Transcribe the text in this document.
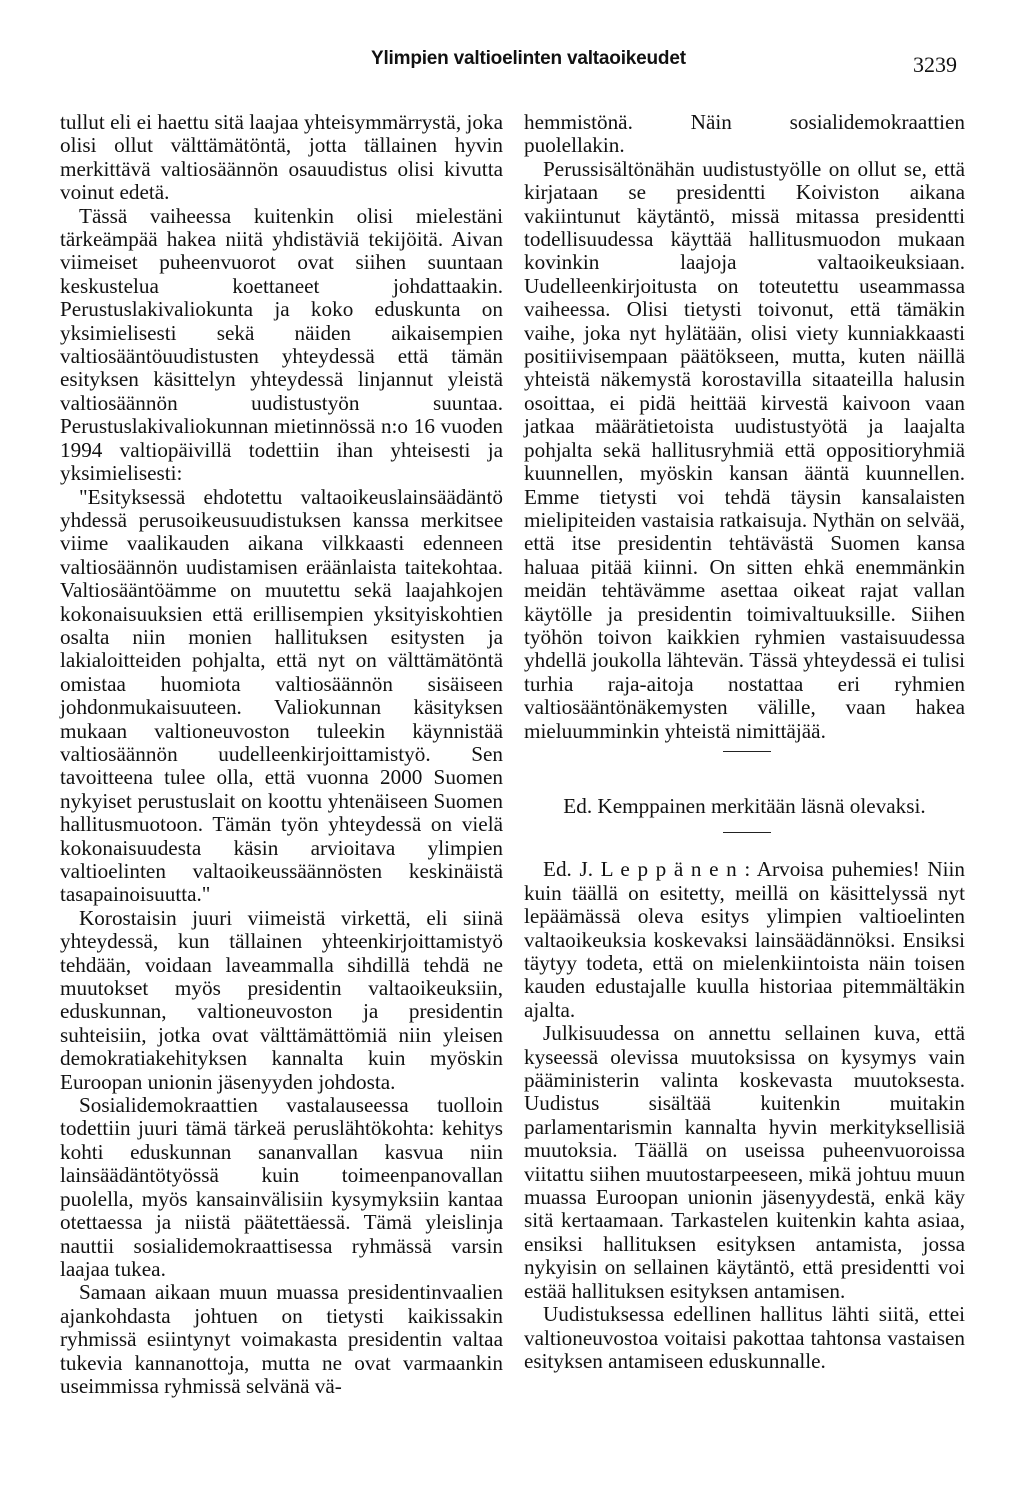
Ylimpien valtioelinten valtaoikeudet	3239

tullut eli ei haettu sitä laajaa yhteisymmärrystä, joka olisi ollut välttämätöntä, jotta tällainen hyvin merkittävä valtiosäännön osauudistus olisi kivutta voinut edetä.

Tässä vaiheessa kuitenkin olisi mielestäni tärkeämpää hakea niitä yhdistäviä tekijöitä. Aivan viimeiset puheenvuorot ovat siihen suuntaan keskustelua koettaneet johdattaakin. Perustuslakivaliokunta ja koko eduskunta on yksimielisesti sekä näiden aikaisempien valtiosääntöuudistusten yhteydessä että tämän esityksen käsittelyn yhteydessä linjannut yleistä valtiosäännön uudistustyön suuntaa. Perustuslakivaliokunnan mietinnössä n:o 16 vuoden 1994 valtiopäivillä todettiin ihan yhteisesti ja yksimielisesti:

"Esityksessä ehdotettu valtaoikeuslainsäädäntö yhdessä perusoikeusuudistuksen kanssa merkitsee viime vaalikauden aikana vilkkaasti edenneen valtiosäännön uudistamisen eräänlaista taitekohtaa. Valtiosääntöämme on muutettu sekä laajahkojen kokonaisuuksien että erillisempien yksityiskohtien osalta niin monien hallituksen esitysten ja lakialoitteiden pohjalta, että nyt on välttämätöntä omistaa huomiota valtiosäännön sisäiseen johdonmukaisuuteen. Valiokunnan käsityksen mukaan valtioneuvoston tuleekin käynnistää valtiosäännön uudelleenkirjoittamistyö. Sen tavoitteena tulee olla, että vuonna 2000 Suomen nykyiset perustuslait on koottu yhtenäiseen Suomen hallitusmuotoon. Tämän työn yhteydessä on vielä kokonaisuudesta käsin arvioitava ylimpien valtioelinten valtaoikeussäännösten keskinäistä tasapainoisuutta."

Korostaisin juuri viimeistä virkettä, eli siinä yhteydessä, kun tällainen yhteenkirjoittamistyö tehdään, voidaan laveammalla sihdillä tehdä ne muutokset myös presidentin valtaoikeuksiin, eduskunnan, valtioneuvoston ja presidentin suhteisiin, jotka ovat välttämättömiä niin yleisen demokratiakehityksen kannalta kuin myöskin Euroopan unionin jäsenyyden johdosta.

Sosialidemokraattien vastalauseessa tuolloin todettiin juuri tämä tärkeä peruslähtökohta: kehitys kohti eduskunnan sananvallan kasvua niin lainsäädäntötyössä kuin toimeenpanovallan puolella, myös kansainvälisiin kysymyksiin kantaa otettaessa ja niistä päätettäessä. Tämä yleislinja nauttii sosialidemokraattisessa ryhmässä varsin laajaa tukea.

Samaan aikaan muun muassa presidentinvaalien ajankohdasta johtuen on tietysti kaikissakin ryhmissä esiintynyt voimakasta presidentin valtaa tukevia kannanottoja, mutta ne ovat varmaankin useimmissa ryhmissä selvänä vä-

hemmistönä. Näin sosialidemokraattien puolellakin.

Perussisältönähän uudistustyölle on ollut se, että kirjataan se presidentti Koiviston aikana vakiintunut käytäntö, missä mitassa presidentti todellisuudessa käyttää hallitusmuodon mukaan kovinkin laajoja valtaoikeuksiaan. Uudelleenkirjoitusta on toteutettu useammassa vaiheessa. Olisi tietysti toivonut, että tämäkin vaihe, joka nyt hylätään, olisi viety kunniakkaasti positiivisempaan päätökseen, mutta, kuten näillä yhteistä näkemystä korostavilla sitaateilla halusin osoittaa, ei pidä heittää kirvestä kaivoon vaan jatkaa määrätietoista uudistustyötä ja laajalta pohjalta sekä hallitusryhmiä että oppositioryhmiä kuunnellen, myöskin kansan ääntä kuunnellen. Emme tietysti voi tehdä täysin kansalaisten mielipiteiden vastaisia ratkaisuja. Nythän on selvää, että itse presidentin tehtävästä Suomen kansa haluaa pitää kiinni. On sitten ehkä enemmänkin meidän tehtävämme asettaa oikeat rajat vallan käytölle ja presidentin toimivaltuuksille. Siihen työhön toivon kaikkien ryhmien vastaisuudessa yhdellä joukolla lähtevän. Tässä yhteydessä ei tulisi turhia raja-aitoja nostattaa eri ryhmien valtiosääntönäkemysten välille, vaan hakea mieluumminkin yhteistä nimittäjää.

Ed. Kemppainen merkitään läsnä olevaksi.

Ed. J. L e p p ä n e n : Arvoisa puhemies! Niin kuin täällä on esitetty, meillä on käsittelyssä nyt lepäämässä oleva esitys ylimpien valtioelinten valtaoikeuksia koskevaksi lainsäädännöksi. Ensiksi täytyy todeta, että on mielenkiintoista näin toisen kauden edustajalle kuulla historiaa pitemmältäkin ajalta.

Julkisuudessa on annettu sellainen kuva, että kyseessä olevissa muutoksissa on kysymys vain pääministerin valinta koskevasta muutoksesta. Uudistus sisältää kuitenkin muitakin parlamentarismin kannalta hyvin merkityksellisiä muutoksia. Täällä on useissa puheenvuoroissa viitattu siihen muutostarpeeseen, mikä johtuu muun muassa Euroopan unionin jäsenyydestä, enkä käy sitä kertaamaan. Tarkastelen kuitenkin kahta asiaa, ensiksi hallituksen esityksen antamista, jossa nykyisin on sellainen käytäntö, että presidentti voi estää hallituksen esityksen antamisen.

Uudistuksessa edellinen hallitus lähti siitä, ettei valtioneuvostoa voitaisi pakottaa tahtonsa vastaisen esityksen antamiseen eduskunnalle.
